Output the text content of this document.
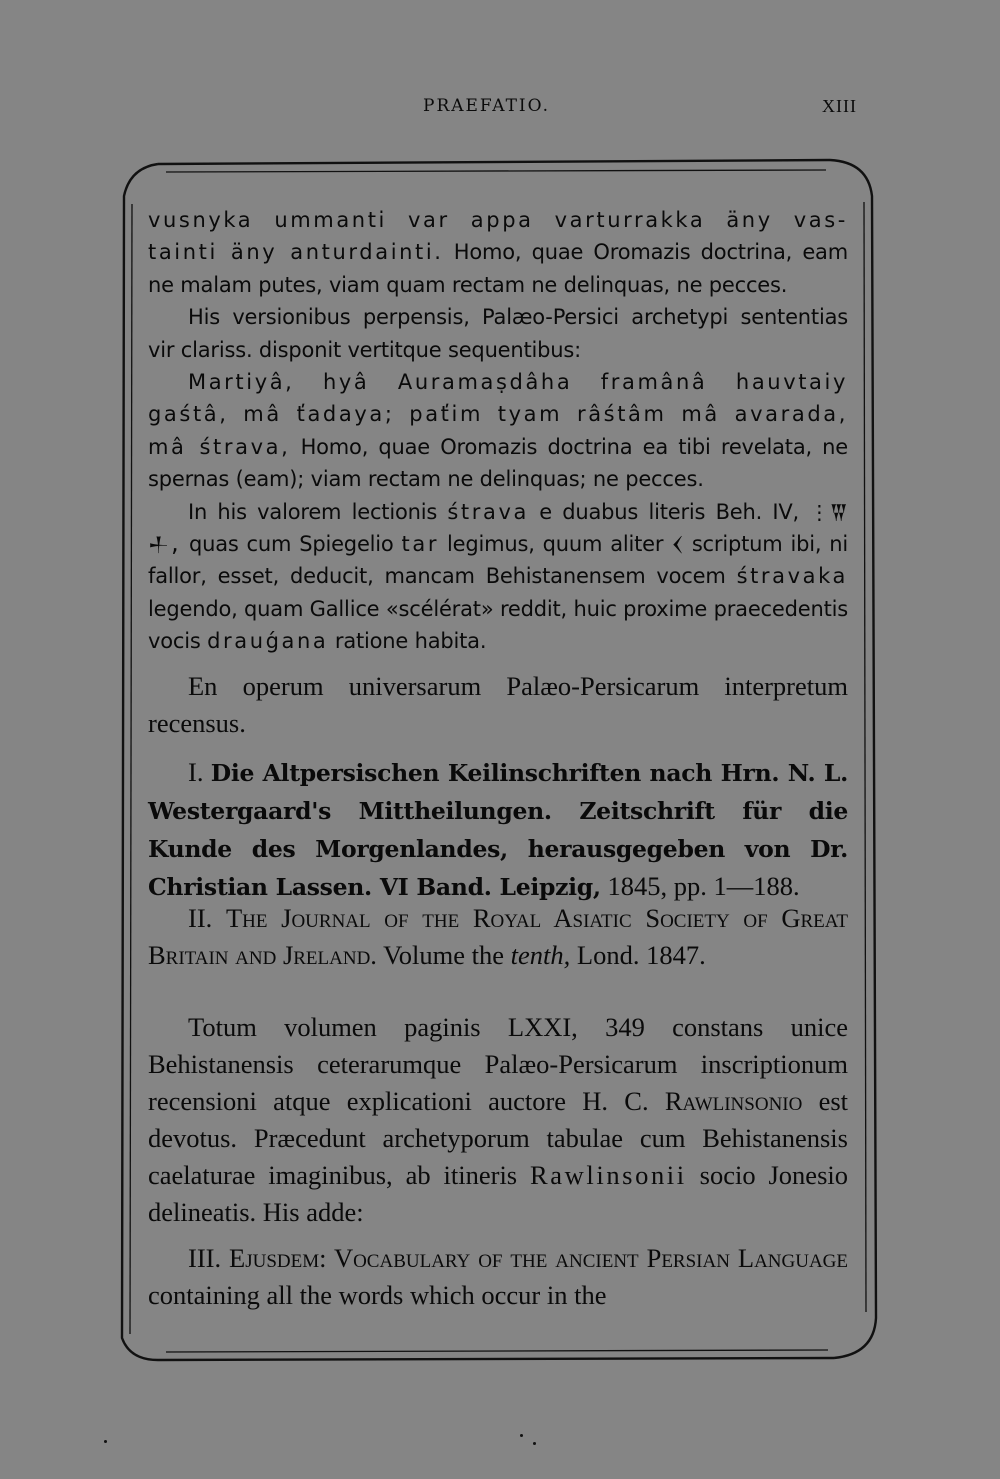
PRAEFATIO.	XIII

vusnyka ummanti var appa varturrakka äny vas- tainti äny anturdainti. Homo, quae Oromazis doctrina, eam ne malam putes, viam quam rectam ne delinquas, ne pecces.

His versionibus perpensis, Palæo-Persici archetypi sententias vir clariss. disponit vertitque sequentibus:

Martiyâ, hyâ Auramaṣdâha framânâ hauvtaiy gaśtâ, mâ ťadaya; paťim tyam râśtâm mâ avarada, mâ śtrava, Homo, quae Oromazis doctrina ea tibi revelata, ne spernas (eam); viam rectam ne delinquas; ne pecces.

In his valorem lectionis śtrava e duabus literis Beh. IV, ⋮𒐊 𒈦, quas cum Spiegelio tar legimus, quum aliter 𒌋 scriptum ibi, ni fallor, esset, deducit, mancam Behistanensem vocem śtravaka legendo, quam Gallice «scélérat» reddit, huic proxime praecedentis vocis drauǵana ratione habita.

En operum universarum Palæo-Persicarum interpretum recensus.

I. Die Altpersischen Keilinschriften nach Hrn. N. L. Westergaard's Mittheilungen. Zeitschrift für die Kunde des Morgenlandes, herausgegeben von Dr. Christian Lassen. VI Band. Leipzig, 1845, pp. 1—188.

II. The Journal of the Royal Asiatic Society of Great Britain and Jreland. Volume the tenth, Lond. 1847.

Totum volumen paginis LXXI, 349 constans unice Behistanensis ceterarumque Palæo-Persicarum inscriptionum recensioni atque explicationi auctore H. C. Rawlinsonio est devotus. Præcedunt archetyporum tabulae cum Behistanensis caelaturae imaginibus, ab itineris Rawlinsonii socio Jonesio delineatis. His adde:

III. Ejusdem: Vocabulary of the ancient Persian Language containing all the words which occur in the
